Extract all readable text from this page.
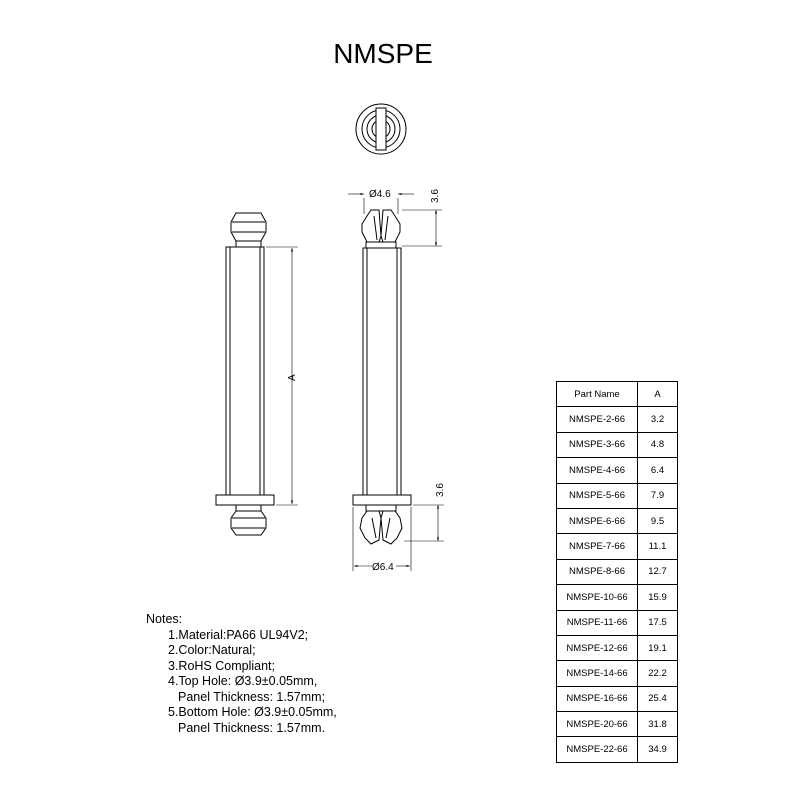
NMSPE
Ø4.6	3.6
A
3.6
Ø6.4
Notes:
1.Material:PA66 UL94V2;
2.Color:Natural;
3.RoHS Compliant;
4.Top Hole: Ø3.9±0.05mm,
Panel Thickness: 1.57mm;
5.Bottom Hole: Ø3.9±0.05mm,
Panel Thickness: 1.57mm.
Part Name	A
NMSPE-2-66	3.2
NMSPE-3-66	4.8
NMSPE-4-66	6.4
NMSPE-5-66	7.9
NMSPE-6-66	9.5
NMSPE-7-66	11.1
NMSPE-8-66	12.7
NMSPE-10-66	15.9
NMSPE-11-66	17.5
NMSPE-12-66	19.1
NMSPE-14-66	22.2
NMSPE-16-66	25.4
NMSPE-20-66	31.8
NMSPE-22-66	34.9
